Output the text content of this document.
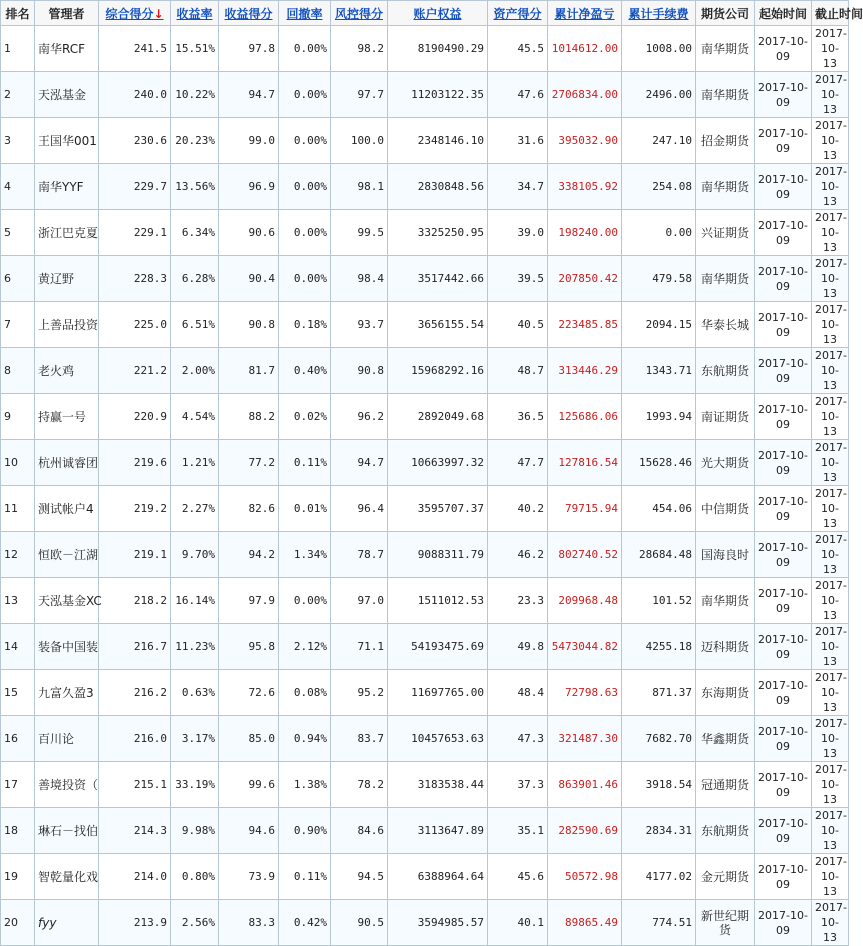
排名	管理者	综合得分↓	收益率	收益得分	回撤率	风控得分	账户权益	资产得分	累计净盈亏	累计手续费	期货公司	起始时间	截止时间
1	南华RCF	241.5	15.51%	97.8	0.00%	98.2	8190490.29	45.5	1014612.00	1008.00	南华期货	2017-10-09	2017-10-13
2	天泓基金	240.0	10.22%	94.7	0.00%	97.7	11203122.35	47.6	2706834.00	2496.00	南华期货	2017-10-09	2017-10-13
3	王国华001	230.6	20.23%	99.0	0.00%	100.0	2348146.10	31.6	395032.90	247.10	招金期货	2017-10-09	2017-10-13
4	南华YYF	229.7	13.56%	96.9	0.00%	98.1	2830848.56	34.7	338105.92	254.08	南华期货	2017-10-09	2017-10-13
5	浙江巴克夏	229.1	6.34%	90.6	0.00%	99.5	3325250.95	39.0	198240.00	0.00	兴证期货	2017-10-09	2017-10-13
6	黄辽野	228.3	6.28%	90.4	0.00%	98.4	3517442.66	39.5	207850.42	479.58	南华期货	2017-10-09	2017-10-13
7	上善品投资	225.0	6.51%	90.8	0.18%	93.7	3656155.54	40.5	223485.85	2094.15	华泰长城	2017-10-09	2017-10-13
8	老火鸡	221.2	2.00%	81.7	0.40%	90.8	15968292.16	48.7	313446.29	1343.71	东航期货	2017-10-09	2017-10-13
9	持赢一号	220.9	4.54%	88.2	0.02%	96.2	2892049.68	36.5	125686.06	1993.94	南证期货	2017-10-09	2017-10-13
10	杭州诚睿团	219.6	1.21%	77.2	0.11%	94.7	10663997.32	47.7	127816.54	15628.46	光大期货	2017-10-09	2017-10-13
11	测试帐户4	219.2	2.27%	82.6	0.01%	96.4	3595707.37	40.2	79715.94	454.06	中信期货	2017-10-09	2017-10-13
12	恒欧－江湖	219.1	9.70%	94.2	1.34%	78.7	9088311.79	46.2	802740.52	28684.48	国海良时	2017-10-09	2017-10-13
13	天泓基金XC	218.2	16.14%	97.9	0.00%	97.0	1511012.53	23.3	209968.48	101.52	南华期货	2017-10-09	2017-10-13
14	装备中国装	216.7	11.23%	95.8	2.12%	71.1	54193475.69	49.8	5473044.82	4255.18	迈科期货	2017-10-09	2017-10-13
15	九富久盈3	216.2	0.63%	72.6	0.08%	95.2	11697765.00	48.4	72798.63	871.37	东海期货	2017-10-09	2017-10-13
16	百川论	216.0	3.17%	85.0	0.94%	83.7	10457653.63	47.3	321487.30	7682.70	华鑫期货	2017-10-09	2017-10-13
17	善境投资（	215.1	33.19%	99.6	1.38%	78.2	3183538.44	37.3	863901.46	3918.54	冠通期货	2017-10-09	2017-10-13
18	琳石－找伯	214.3	9.98%	94.6	0.90%	84.6	3113647.89	35.1	282590.69	2834.31	东航期货	2017-10-09	2017-10-13
19	智乾量化戏	214.0	0.80%	73.9	0.11%	94.5	6388964.64	45.6	50572.98	4177.02	金元期货	2017-10-09	2017-10-13
20	fyy	213.9	2.56%	83.3	0.42%	90.5	3594985.57	40.1	89865.49	774.51	新世纪期货	2017-10-09	2017-10-13
